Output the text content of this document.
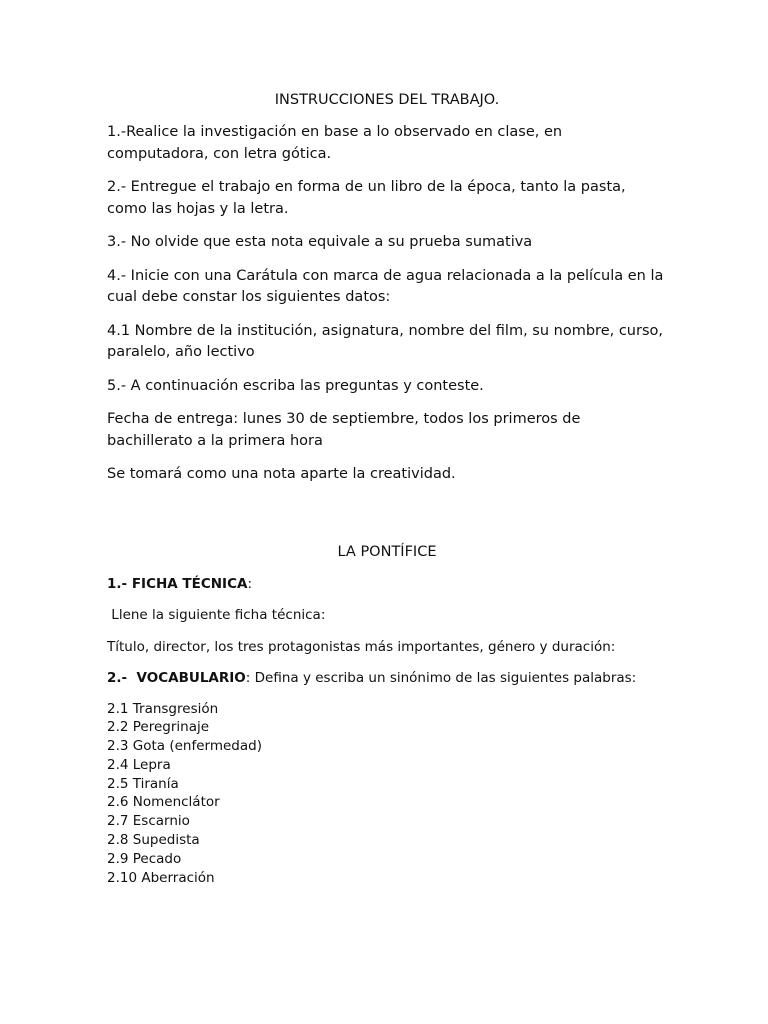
INSTRUCCIONES DEL TRABAJO.
1.-Realice la investigación en base a lo observado en clase, en computadora, con letra gótica.
2.- Entregue el trabajo en forma de un libro de la época, tanto la pasta, como las hojas y la letra.
3.- No olvide que esta nota equivale a su prueba sumativa
4.- Inicie con una Carátula con marca de agua relacionada a la película en la cual debe constar los siguientes datos:
4.1 Nombre de la institución, asignatura, nombre del film, su nombre, curso, paralelo, año lectivo
5.- A continuación escriba las preguntas y conteste.
Fecha de entrega: lunes 30 de septiembre, todos los primeros de bachillerato a la primera hora
Se tomará como una nota aparte la creatividad.
LA PONTÍFICE
1.- FICHA TÉCNICA:
Llene la siguiente ficha técnica:
Título, director, los tres protagonistas más importantes, género y duración:
2.-  VOCABULARIO: Defina y escriba un sinónimo de las siguientes palabras:
2.1 Transgresión
2.2 Peregrinaje
2.3 Gota (enfermedad)
2.4 Lepra
2.5 Tiranía
2.6 Nomenclátor
2.7 Escarnio
2.8 Supedista
2.9 Pecado
2.10 Aberración
